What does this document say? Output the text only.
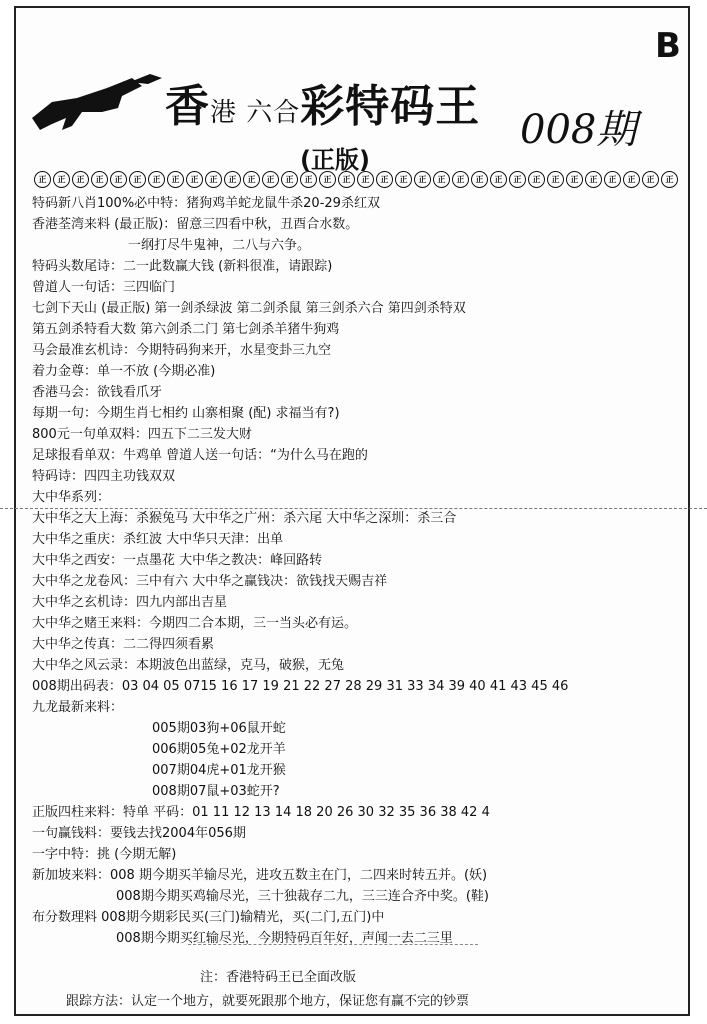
B
香港 六合彩特码王 008期
(正版)
正	正	正	正	正	正	正	正	正	正	正	正	正	正	正	正	正	正	正	正	正	正	正	正	正	正	正	正	正	正	正	正	正	正
特码新八肖100%必中特：猪狗鸡羊蛇龙鼠牛杀20-29杀红双
香港荃湾来料 (最正版)：留意三四看中秋，丑酉合水数。
一纲打尽牛鬼神，二八与六争。
特码头数尾诗：二一此数赢大钱 (新料很准，请跟踪)
曾道人一句话：三四临门
七剑下天山 (最正版) 第一剑杀绿波 第二剑杀鼠 第三剑杀六合 第四剑杀特双
第五剑杀特看大数 第六剑杀二门 第七剑杀羊猪牛狗鸡
马会最准玄机诗：今期特码狗来开，水星变卦三九空
着力金尊：单一不放 (今期必准)
香港马会：欲钱看爪牙
每期一句：今期生肖七相约 山寨相聚 (配) 求福当有?)
800元一句单双料：四五下二三发大财
足球报看单双：牛鸡单 曾道人送一句话：“为什么马在跑的
特码诗：四四主功钱双双
大中华系列：
大中华之大上海：杀猴兔马 大中华之广州：杀六尾 大中华之深圳：杀三合
大中华之重庆：杀红波 大中华只天津：出单
大中华之西安：一点墨花 大中华之教决：峰回路转
大中华之龙卷风：三中有六 大中华之赢钱决：欲钱找天赐吉祥
大中华之玄机诗：四九内部出吉星
大中华之赌王来料：今期四二合本期，三一当头必有运。
大中华之传真：二二得四须看累
大中华之风云录：本期波色出蓝绿，克马，破猴，无兔
008期出码表：03 04 05 0715 16 17 19 21 22 27 28 29 31 33 34 39 40 41 43 45 46
九龙最新来料：
005期03狗+06鼠开蛇
006期05兔+02龙开羊
007期04虎+01龙开猴
008期07鼠+03蛇开?
正版四柱来料：特单 平码：01 11 12 13 14 18 20 26 30 32 35 36 38 42 4
一句赢钱料：要钱去找2004年056期
一字中特：挑 (今期无解)
新加坡来料：008 期今期买羊输尽光，进攻五数主在门，二四来时转五并。(妖)
008期今期买鸡输尽光，三十独裁存二九，三三连合齐中奖。(鞋)
布分数理料 008期今期彩民买(三门)输精光，买(二门,五门)中
008期今期买红输尽光，今期特码百年好，声闻一去二三里
注：香港特码王已全面改版
跟踪方法：认定一个地方，就要死跟那个地方，保证您有赢不完的钞票
